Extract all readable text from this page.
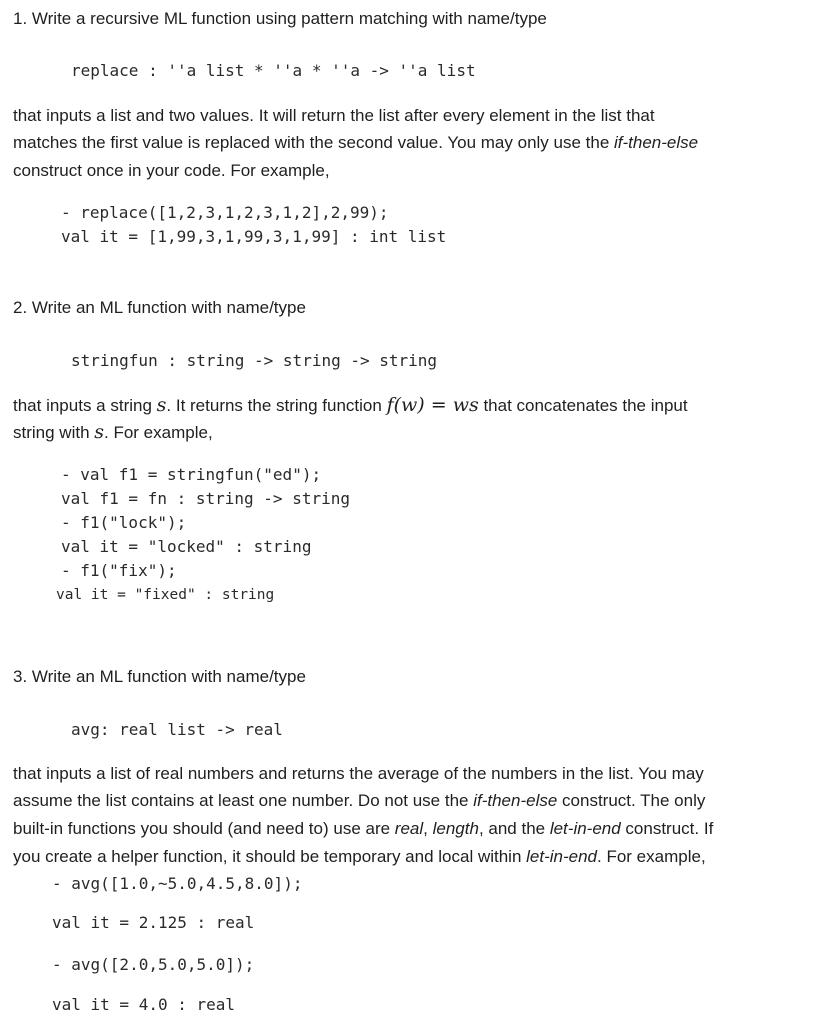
1. Write a recursive ML function using pattern matching with name/type
replace : ''a list * ''a * ''a -> ''a list
that inputs a list and two values. It will return the list after every element in the list that
matches the first value is replaced with the second value. You may only use the if-then-else
construct once in your code. For example,
- replace([1,2,3,1,2,3,1,2],2,99);
val it = [1,99,3,1,99,3,1,99] : int list
2. Write an ML function with name/type
stringfun : string -> string -> string
that inputs a string s. It returns the string function f(w) = ws that concatenates the input
string with s. For example,
- val f1 = stringfun("ed");
val f1 = fn : string -> string
- f1("lock");
val it = "locked" : string
- f1("fix");
val it = "fixed" : string
3. Write an ML function with name/type
avg: real list -> real
that inputs a list of real numbers and returns the average of the numbers in the list. You may
assume the list contains at least one number. Do not use the if-then-else construct. The only
built-in functions you should (and need to) use are real, length, and the let-in-end construct. If
you create a helper function, it should be temporary and local within let-in-end. For example,
- avg([1.0,~5.0,4.5,8.0]);
val it = 2.125 : real
- avg([2.0,5.0,5.0]);
val it = 4.0 : real
